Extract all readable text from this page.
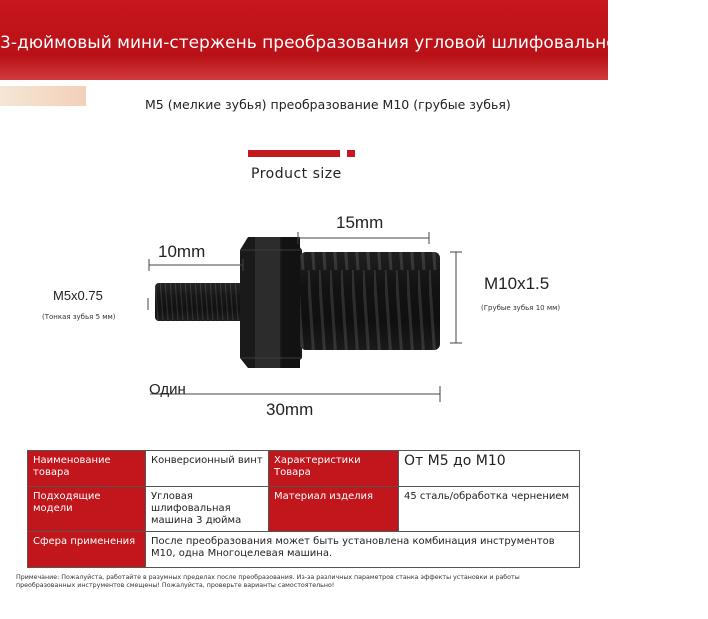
3-дюймовый мини-стержень преобразования угловой шлифовальной машины
M5 (мелкие зубья) преобразование M10 (грубые зубья)
Product size
10mm
15mm
30mm
M5x0.75
(Тонкая зубья 5 мм)
M10x1.5
(Грубые зубья 10 мм)
Один
Наименование товара	Конверсионный винт	Характеристики Товара	От М5 до М10
Подходящие модели	Угловая шлифовальная машина 3 дюйма	Материал изделия	45 сталь/обработка чернением
Сфера применения	После преобразования может быть установлена комбинация инструментов М10, одна Многоцелевая машина.		
Примечание: Пожалуйста, работайте в разумных пределах после преобразования. Из-за различных параметров станка эффекты установки и работы преобразованных инструментов смещены! Пожалуйста, проверьте варианты самостоятельно!
